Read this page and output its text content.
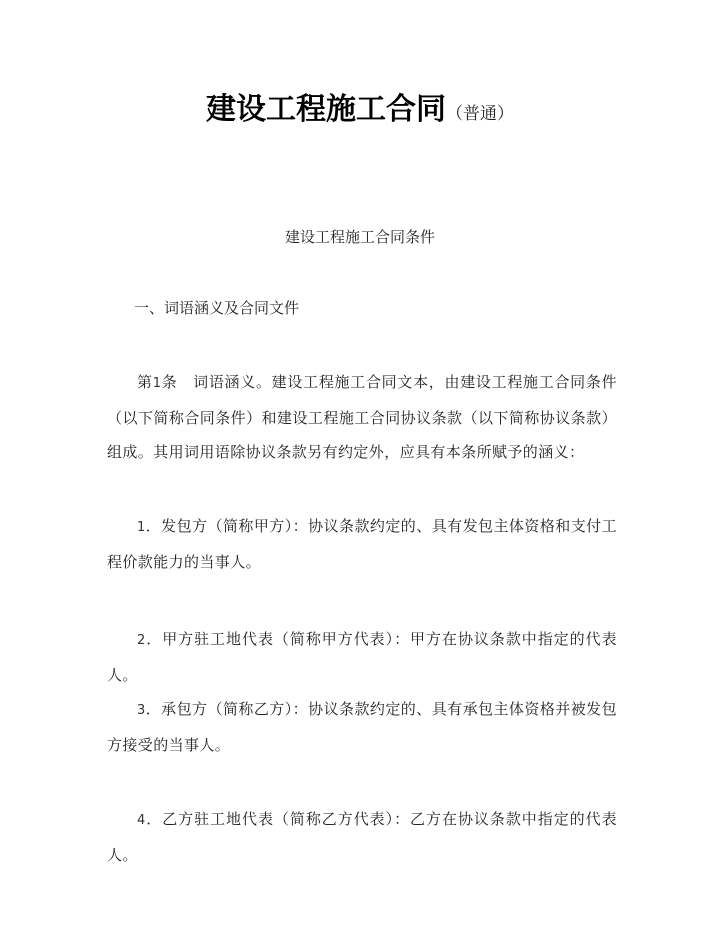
建设工程施工合同（普通）
建设工程施工合同条件
一、词语涵义及合同文件
第1条　词语涵义。建设工程施工合同文本，由建设工程施工合同条件（以下简称合同条件）和建设工程施工合同协议条款（以下简称协议条款）组成。其用词用语除协议条款另有约定外，应具有本条所赋予的涵义：
1．发包方（简称甲方）：协议条款约定的、具有发包主体资格和支付工程价款能力的当事人。
2．甲方驻工地代表（简称甲方代表）：甲方在协议条款中指定的代表人。
3．承包方（简称乙方）：协议条款约定的、具有承包主体资格并被发包方接受的当事人。
4．乙方驻工地代表（简称乙方代表）：乙方在协议条款中指定的代表人。
